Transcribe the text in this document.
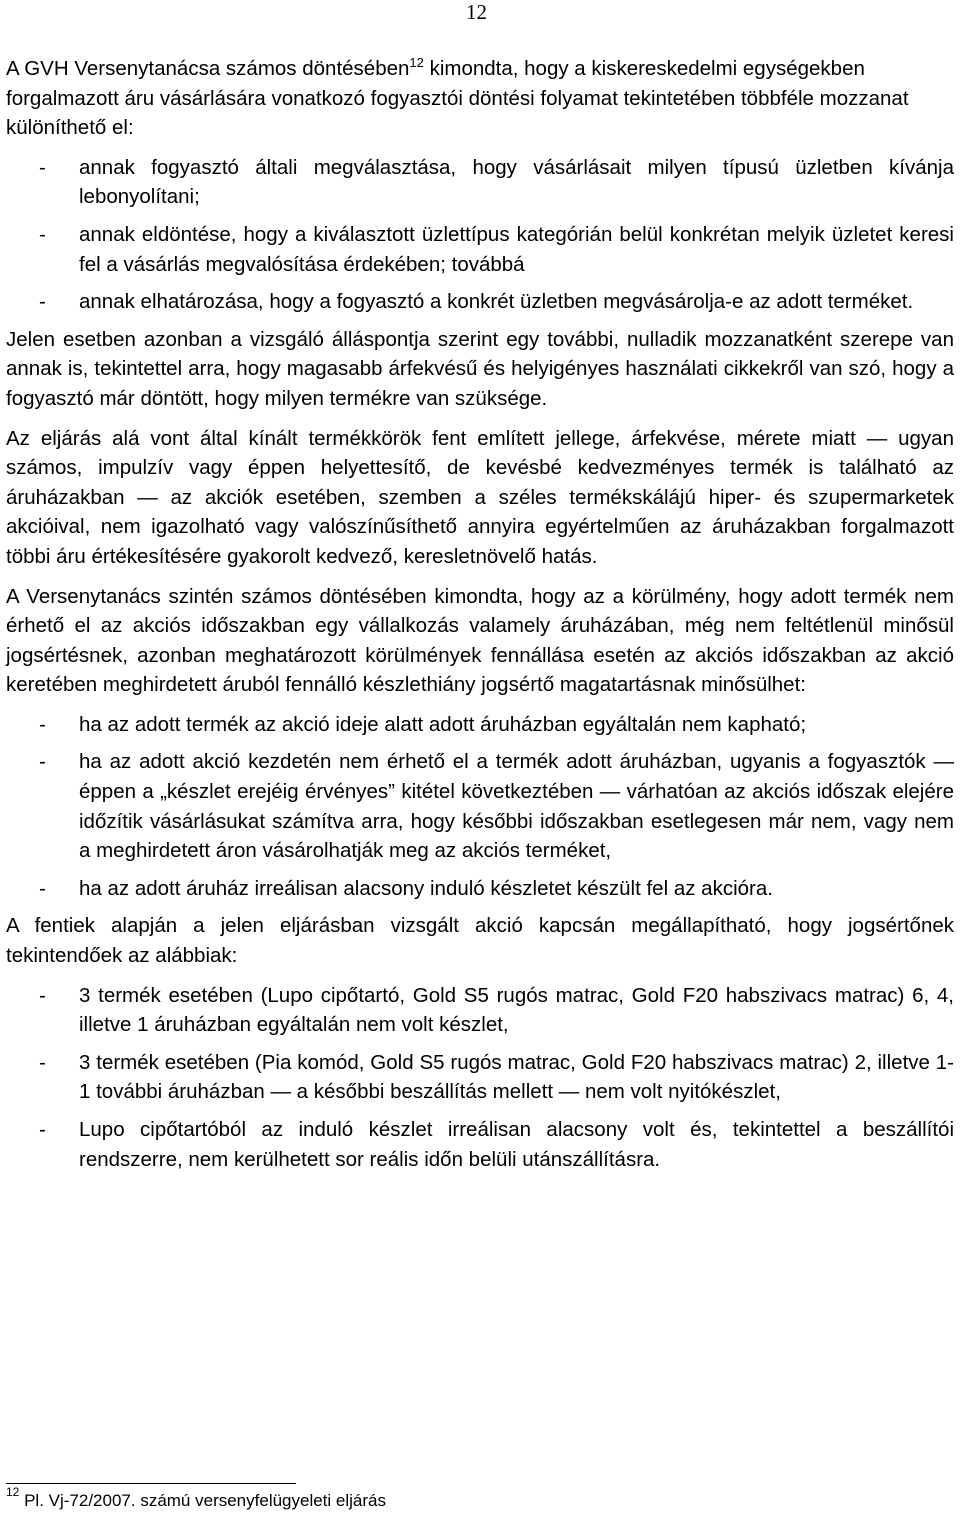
12

A GVH Versenytanácsa számos döntésében$^{12}$ kimondta, hogy a kiskereskedelmi egységekben forgalmazott áru vásárlására vonatkozó fogyasztói döntési folyamat tekintetében többféle mozzanat különíthető el:

- annak fogyasztó általi megválasztása, hogy vásárlásait milyen típusú üzletben kívánja lebonyolítani;
- annak eldöntése, hogy a kiválasztott üzlettípus kategórián belül konkrétan melyik üzletet keresi fel a vásárlás megvalósítása érdekében; továbbá
- annak elhatározása, hogy a fogyasztó a konkrét üzletben megvásárolja-e az adott terméket.

Jelen esetben azonban a vizsgáló álláspontja szerint egy további, nulladik mozzanatként szerepe van annak is, tekintettel arra, hogy magasabb árfekvésű és helyigényes használati cikkekről van szó, hogy a fogyasztó már döntött, hogy milyen termékre van szüksége.

Az eljárás alá vont által kínált termékkörök fent említett jellege, árfekvése, mérete miatt — ugyan számos, impulzív vagy éppen helyettesítő, de kevésbé kedvezményes termék is található az áruházakban — az akciók esetében, szemben a széles termékskálájú hiper- és szupermarketek akcióival, nem igazolható vagy valószínűsíthető annyira egyértelműen az áruházakban forgalmazott többi áru értékesítésére gyakorolt kedvező, keresletnövelő hatás.

A Versenytanács szintén számos döntésében kimondta, hogy az a körülmény, hogy adott termék nem érhető el az akciós időszakban egy vállalkozás valamely áruházában, még nem feltétlenül minősül jogsértésnek, azonban meghatározott körülmények fennállása esetén az akciós időszakban az akció keretében meghirdetett áruból fennálló készlethiány jogsértő magatartásnak minősülhet:

- ha az adott termék az akció ideje alatt adott áruházban egyáltalán nem kapható;
- ha az adott akció kezdetén nem érhető el a termék adott áruházban, ugyanis a fogyasztók — éppen a „készlet erejéig érvényes” kitétel következtében — várhatóan az akciós időszak elejére időzítik vásárlásukat számítva arra, hogy későbbi időszakban esetlegesen már nem, vagy nem a meghirdetett áron vásárolhatják meg az akciós terméket,
- ha az adott áruház irreálisan alacsony induló készletet készült fel az akcióra.

A fentiek alapján a jelen eljárásban vizsgált akció kapcsán megállapítható, hogy jogsértőnek tekintendőek az alábbiak:

- 3 termék esetében (Lupo cipőtartó, Gold S5 rugós matrac, Gold F20 habszivacs matrac) 6, 4, illetve 1 áruházban egyáltalán nem volt készlet,
- 3 termék esetében (Pia komód, Gold S5 rugós matrac, Gold F20 habszivacs matrac) 2, illetve 1-1 további áruházban — a későbbi beszállítás mellett — nem volt nyitókészlet,
- Lupo cipőtartóból az induló készlet irreálisan alacsony volt és, tekintettel a beszállítói rendszerre, nem kerülhetett sor reális időn belüli utánszállításra.
$^{12}$ Pl. Vj-72/2007. számú versenyfelügyeleti eljárás
